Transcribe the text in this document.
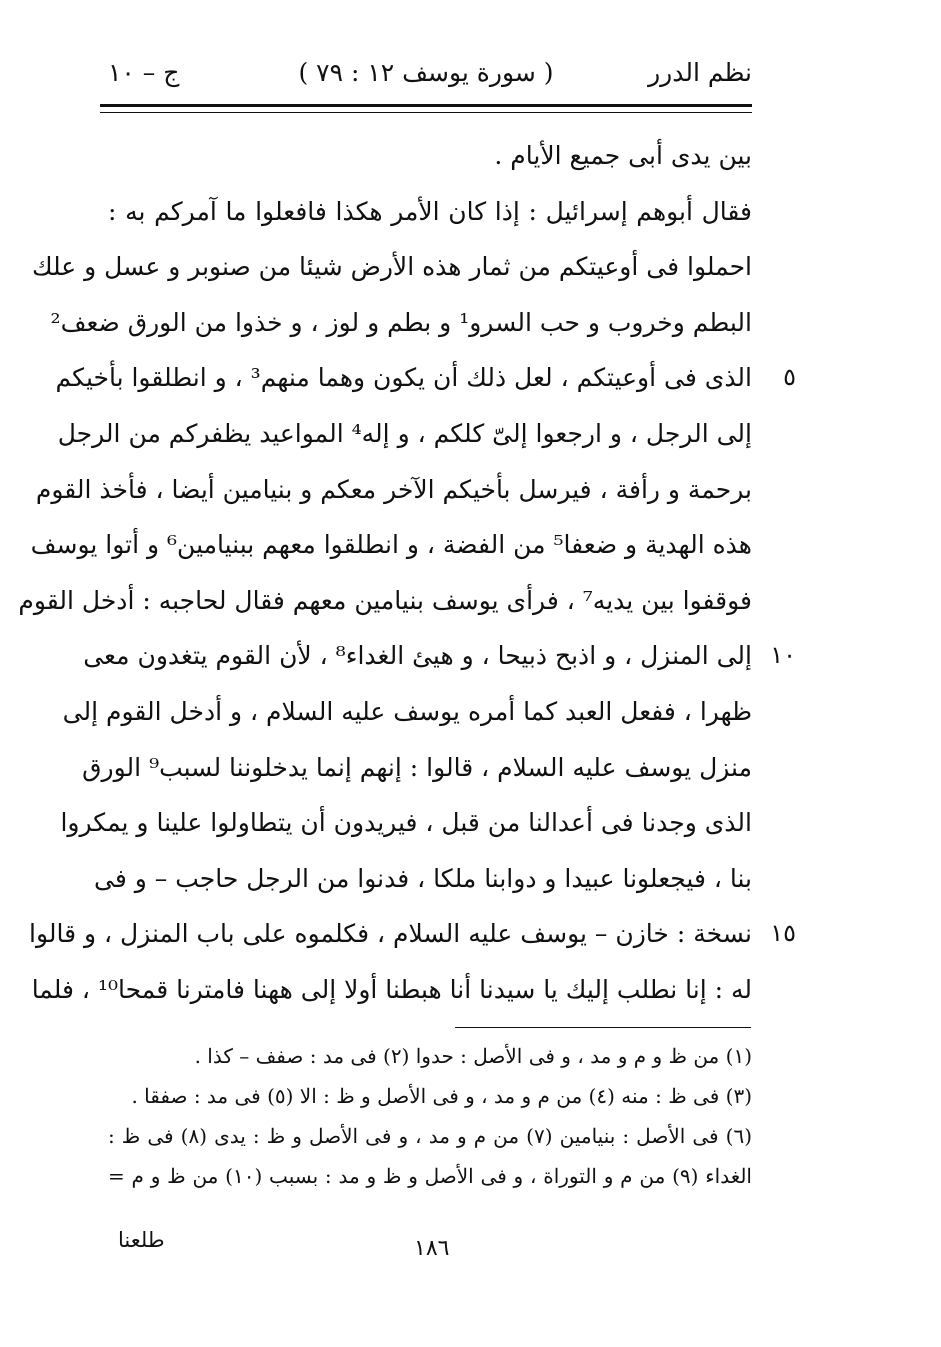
نظم الدرر
( سورة يوسف ١٢ : ٧٩ )
ج – ١٠
بين يدى أبى جميع الأيام .
فقال أبوهم إسرائيل : إذا كان الأمر هكذا فافعلوا ما آمركم به :
احملوا فى أوعيتكم من ثمار هذه الأرض شيئا من صنوبر و عسل و علك
البطم وخروب و حب السرو¹ و بطم و لوز ، و خذوا من الورق ضعف²
٥
الذى فى أوعيتكم ، لعل ذلك أن يكون وهما منهم³ ، و انطلقوا بأخيكم
إلى الرجل ، و ارجعوا إلىّ كلكم ، و إله⁴ المواعيد يظفركم من الرجل
برحمة و رأفة ، فيرسل بأخيكم الآخر معكم و بنيامين أيضا ، فأخذ القوم
هذه الهدية و ضعفا⁵ من الفضة ، و انطلقوا معهم ببنيامين⁶ و أتوا يوسف
فوقفوا بين يديه⁷ ، فرأى يوسف بنيامين معهم فقال لحاجبه : أدخل القوم
١٠
إلى المنزل ، و اذبح ذبيحا ، و هيئ الغداء⁸ ، لأن القوم يتغدون معى
ظهرا ، ففعل العبد كما أمره يوسف عليه السلام ، و أدخل القوم إلى
منزل يوسف عليه السلام ، قالوا : إنهم إنما يدخلوننا لسبب⁹ الورق
الذى وجدنا فى أعدالنا من قبل ، فيريدون أن يتطاولوا علينا و يمكروا
بنا ، فيجعلونا عبيدا و دوابنا ملكا ، فدنوا من الرجل حاجب – و فى
١٥
نسخة : خازن – يوسف عليه السلام ، فكلموه على باب المنزل ، و قالوا
له : إنا نطلب إليك يا سيدنا أنا هبطنا أولا إلى ههنا فامترنا قمحا¹⁰ ، فلما
(١) من ظ و م و مد ، و فى الأصل : حدوا (٢) فى مد : صفف – كذا .
(٣) فى ظ : منه (٤) من م و مد ، و فى الأصل و ظ : الا (٥) فى مد : صفقا .
(٦) فى الأصل : بنيامين (٧) من م و مد ، و فى الأصل و ظ : يدى (٨) فى ظ :
الغداء (٩) من م و التوراة ، و فى الأصل و ظ و مد : بسبب (١٠) من ظ و م =
طلعنا	١٨٦
